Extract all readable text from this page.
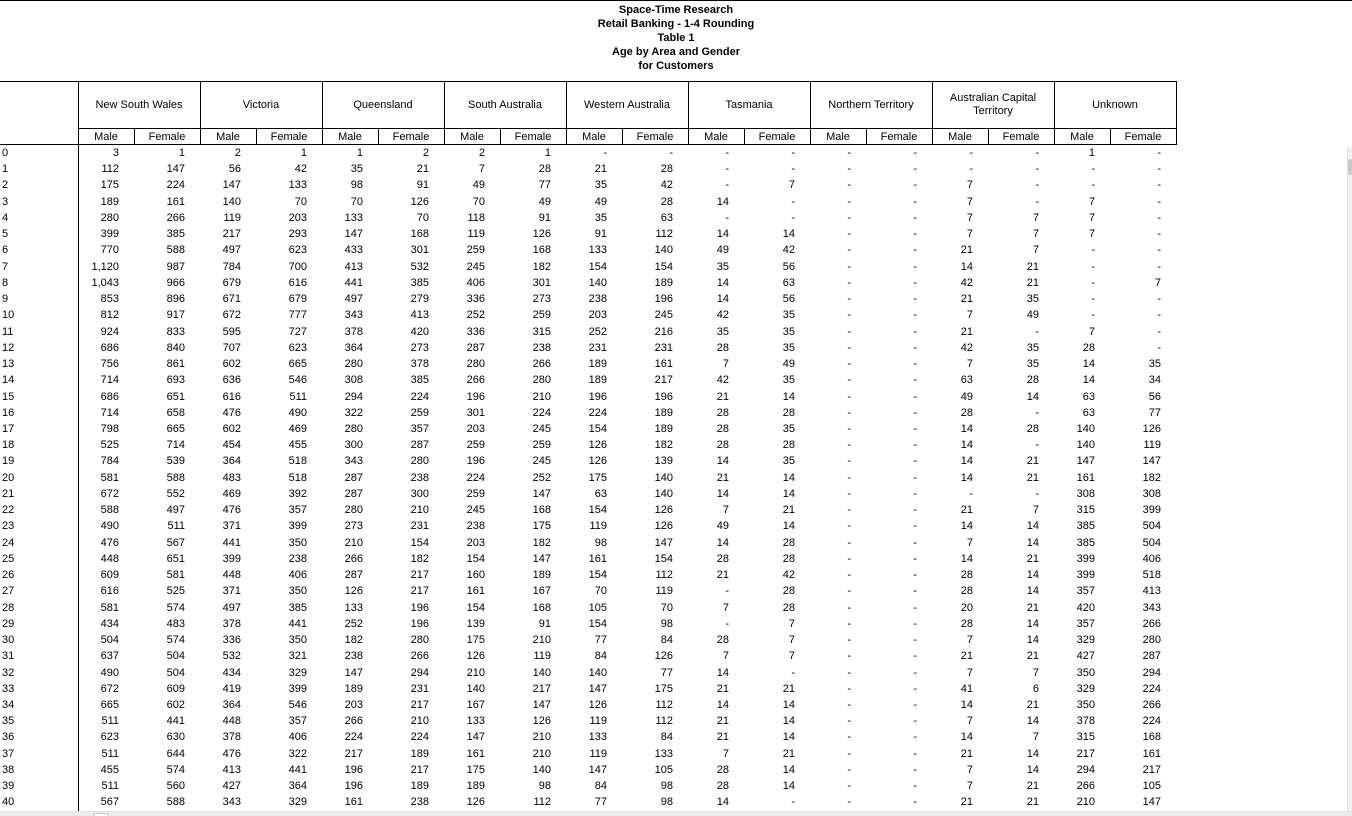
Space-Time Research
Retail Banking - 1-4 Rounding
Table 1
Age by Area and Gender
for Customers
	New South Wales		Victoria		Queensland		South Australia		Western Australia		Tasmania		Northern Territory		Australian Capital Territory		Unknown	
	Male	Female	Male	Female	Male	Female	Male	Female	Male	Female	Male	Female	Male	Female	Male	Female	Male	Female
0	3	1	2	1	1	2	2	1	-	-	-	-	-	-	-	-	1	-
1	112	147	56	42	35	21	7	28	21	28	-	-	-	-	-	-	-	-
2	175	224	147	133	98	91	49	77	35	42	-	7	-	-	7	-	-	-
3	189	161	140	70	70	126	70	49	49	28	14	-	-	-	7	-	7	-
4	280	266	119	203	133	70	118	91	35	63	-	-	-	-	7	7	7	-
5	399	385	217	293	147	168	119	126	91	112	14	14	-	-	7	7	7	-
6	770	588	497	623	433	301	259	168	133	140	49	42	-	-	21	7	-	-
7	1,120	987	784	700	413	532	245	182	154	154	35	56	-	-	14	21	-	-
8	1,043	966	679	616	441	385	406	301	140	189	14	63	-	-	42	21	-	7
9	853	896	671	679	497	279	336	273	238	196	14	56	-	-	21	35	-	-
10	812	917	672	777	343	413	252	259	203	245	42	35	-	-	7	49	-	-
11	924	833	595	727	378	420	336	315	252	216	35	35	-	-	21	-	7	-
12	686	840	707	623	364	273	287	238	231	231	28	35	-	-	42	35	28	-
13	756	861	602	665	280	378	280	266	189	161	7	49	-	-	7	35	14	35
14	714	693	636	546	308	385	266	280	189	217	42	35	-	-	63	28	14	34
15	686	651	616	511	294	224	196	210	196	196	21	14	-	-	49	14	63	56
16	714	658	476	490	322	259	301	224	224	189	28	28	-	-	28	-	63	77
17	798	665	602	469	280	357	203	245	154	189	28	35	-	-	14	28	140	126
18	525	714	454	455	300	287	259	259	126	182	28	28	-	-	14	-	140	119
19	784	539	364	518	343	280	196	245	126	139	14	35	-	-	14	21	147	147
20	581	588	483	518	287	238	224	252	175	140	21	14	-	-	14	21	161	182
21	672	552	469	392	287	300	259	147	63	140	14	14	-	-	-	-	308	308
22	588	497	476	357	280	210	245	168	154	126	7	21	-	-	21	7	315	399
23	490	511	371	399	273	231	238	175	119	126	49	14	-	-	14	14	385	504
24	476	567	441	350	210	154	203	182	98	147	14	28	-	-	7	14	385	504
25	448	651	399	238	266	182	154	147	161	154	28	28	-	-	14	21	399	406
26	609	581	448	406	287	217	160	189	154	112	21	42	-	-	28	14	399	518
27	616	525	371	350	126	217	161	167	70	119	-	28	-	-	28	14	357	413
28	581	574	497	385	133	196	154	168	105	70	7	28	-	-	20	21	420	343
29	434	483	378	441	252	196	139	91	154	98	-	7	-	-	28	14	357	266
30	504	574	336	350	182	280	175	210	77	84	28	7	-	-	7	14	329	280
31	637	504	532	321	238	266	126	119	84	126	7	7	-	-	21	21	427	287
32	490	504	434	329	147	294	210	140	140	77	14	-	-	-	7	7	350	294
33	672	609	419	399	189	231	140	217	147	175	21	21	-	-	41	6	329	224
34	665	602	364	546	203	217	167	147	126	112	14	14	-	-	14	21	350	266
35	511	441	448	357	266	210	133	126	119	112	21	14	-	-	7	14	378	224
36	623	630	378	406	224	224	147	210	133	84	21	14	-	-	14	7	315	168
37	511	644	476	322	217	189	161	210	119	133	7	21	-	-	21	14	217	161
38	455	574	413	441	196	217	175	140	147	105	28	14	-	-	7	14	294	217
39	511	560	427	364	196	189	189	98	84	98	28	14	-	-	7	21	266	105
40	567	588	343	329	161	238	126	112	77	98	14	-	-	-	21	21	210	147
